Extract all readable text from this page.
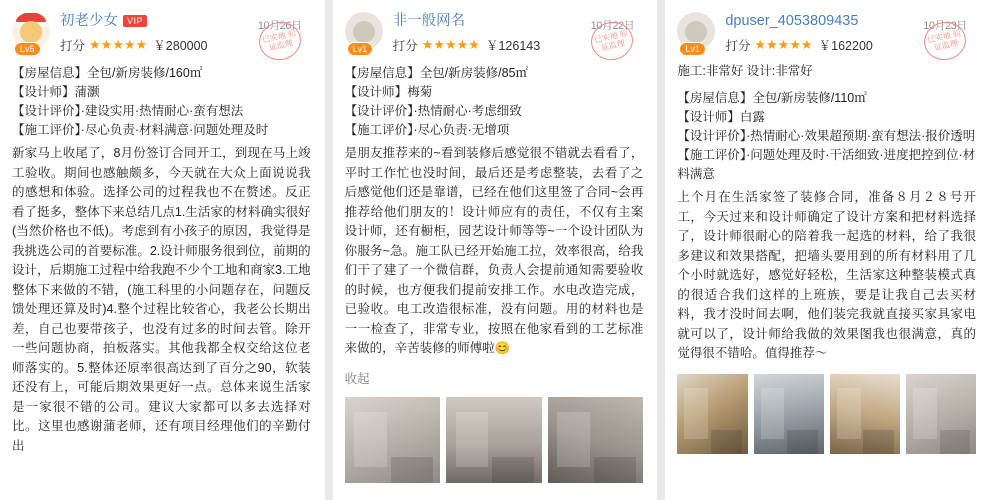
Lv5
初老少女	VIP
打分 ★★★★★ ￥280000
10月26日
已实地 验证监理
【房屋信息】全包/新房装修/160㎡
【设计师】蒲灏
【设计评价】·建设实用·热情耐心·蛮有想法
【施工评价】·尽心负责·材料满意·问题处理及时
新家马上收尾了，8月份签订合同开工，到现在马上竣工验收。期间也感触颇多，今天就在大众上面说说我的感想和体验。选择公司的过程我也不在赘述。反正看了挺多，整体下来总结几点1.生活家的材料确实很好(当然价格也不低)。考虑到有小孩子的原因，我觉得是我挑选公司的首要标准。2.设计师服务很到位，前期的设计，后期施工过程中给我跑不少个工地和商家3.工地整体下来做的不错，(施工科里的小问题存在，问题反馈处理还算及时)4.整个过程比较省心，我老公长期出差，自己也要带孩子，也没有过多的时间去管。除开一些问题协商，拍板落实。其他我都全权交给这位老师落实的。5.整体还原率很高达到了百分之90，软装还没有上，可能后期效果更好一点。总体来说生活家是一家很不错的公司。建议大家都可以多去选择对比。这里也感谢蒲老师，还有项目经理他们的辛勤付出
Lv1
非一般网名
打分 ★★★★★ ￥126143
10月22日
已实地 验证监理
【房屋信息】全包/新房装修/85㎡
【设计师】梅菊
【设计评价】·热情耐心·考虑细致
【施工评价】·尽心负责·无增项
是朋友推荐来的~看到装修后感觉很不错就去看看了，平时工作忙也没时间，最后还是考虑整装，去看了之后感觉他们还是靠谱，已经在他们这里签了合同~会再推荐给他们朋友的！设计师应有的责任，不仅有主案设计师，还有橱柜，园艺设计师等等~一个设计团队为你服务~急。施工队已经开始施工拉，效率很高，给我们干了建了一个微信群，负责人会提前通知需要验收的时候，也方便我们提前安排工作。水电改造完成，已验收。电工改造很标准，没有问题。用的材料也是一一检查了，非常专业，按照在他家看到的工艺标准来做的，辛苦装修的师傅啦😊
收起
Lv1
dpuser_4053809435
打分 ★★★★★ ￥162200
10月23日
已实地 验证监理
施工:非常好 设计:非常好
【房屋信息】全包/新房装修/110㎡
【设计师】白露
【设计评价】·热情耐心·效果超预期·蛮有想法·报价透明
【施工评价】·问题处理及时·干活细致·进度把控到位·材料满意
上个月在生活家签了装修合同，准备８月２８号开工，今天过来和设计师确定了设计方案和把材料选择了，设计师很耐心的陪着我一起选的材料，给了我很多建议和效果搭配，把墙头要用到的所有材料用了几个小时就选好，感觉好轻松，生活家这种整装模式真的很适合我们这样的上班族，要是让我自己去买材料，我才没时间去啊，他们装完我就直接买家具家电就可以了，设计师给我做的效果图我也很满意，真的觉得很不错哈。值得推荐～
